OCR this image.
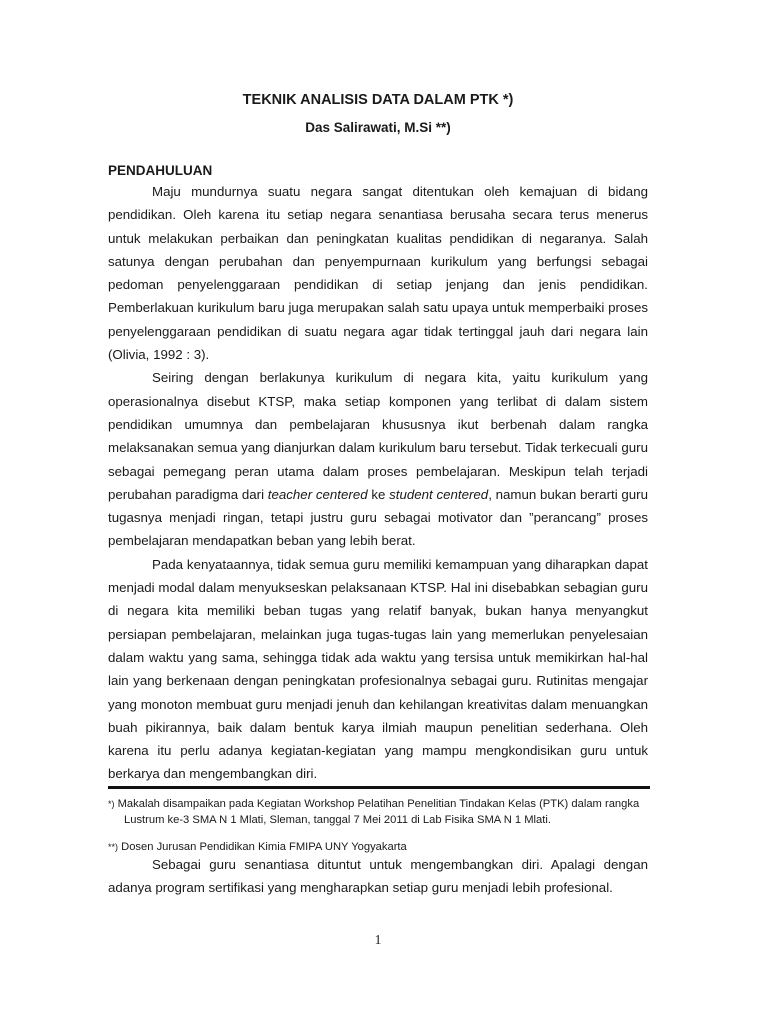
TEKNIK ANALISIS DATA DALAM PTK *)
Das Salirawati, M.Si **)
PENDAHULUAN

Maju mundurnya suatu negara sangat ditentukan oleh kemajuan di bidang pendidikan. Oleh karena itu setiap negara senantiasa berusaha secara terus menerus untuk melakukan perbaikan dan peningkatan kualitas pendidikan di negaranya. Salah satunya dengan perubahan dan penyempurnaan kurikulum yang berfungsi sebagai pedoman penyelenggaraan pendidikan di setiap jenjang dan jenis pendidikan. Pemberlakuan kurikulum baru juga merupakan salah satu upaya untuk memperbaiki proses penyelenggaraan pendidikan di suatu negara agar tidak tertinggal jauh dari negara lain (Olivia, 1992 : 3).

Seiring dengan berlakunya kurikulum di negara kita, yaitu kurikulum yang operasionalnya disebut KTSP, maka setiap komponen yang terlibat di dalam sistem pendidikan umumnya dan pembelajaran khususnya ikut berbenah dalam rangka melaksanakan semua yang dianjurkan dalam kurikulum baru tersebut. Tidak terkecuali guru sebagai pemegang peran utama dalam proses pembelajaran. Meskipun telah terjadi perubahan paradigma dari teacher centered ke student centered, namun bukan berarti guru tugasnya menjadi ringan, tetapi justru guru sebagai motivator dan ”perancang” proses pembelajaran mendapatkan beban yang lebih berat.

Pada kenyataannya, tidak semua guru memiliki kemampuan yang diharapkan dapat menjadi modal dalam menyukseskan pelaksanaan KTSP. Hal ini disebabkan sebagian guru di negara kita memiliki beban tugas yang relatif banyak, bukan hanya menyangkut persiapan pembelajaran, melainkan juga tugas-tugas lain yang memerlukan penyelesaian dalam waktu yang sama, sehingga tidak ada waktu yang tersisa untuk memikirkan hal-hal lain yang berkenaan dengan peningkatan profesionalnya sebagai guru. Rutinitas mengajar yang monoton membuat guru menjadi jenuh dan kehilangan kreativitas dalam menuangkan buah pikirannya, baik dalam bentuk karya ilmiah maupun penelitian sederhana. Oleh karena itu perlu adanya kegiatan-kegiatan yang mampu mengkondisikan guru untuk berkarya dan mengembangkan diri.

*) Makalah disampaikan pada Kegiatan Workshop Pelatihan Penelitian Tindakan Kelas (PTK) dalam rangka Lustrum ke-3 SMA N 1 Mlati, Sleman, tanggal 7 Mei 2011 di Lab Fisika SMA N 1 Mlati.

**) Dosen Jurusan Pendidikan Kimia FMIPA UNY Yogyakarta

Sebagai guru senantiasa dituntut untuk mengembangkan diri. Apalagi dengan adanya program sertifikasi yang mengharapkan setiap guru menjadi lebih profesional.

1
